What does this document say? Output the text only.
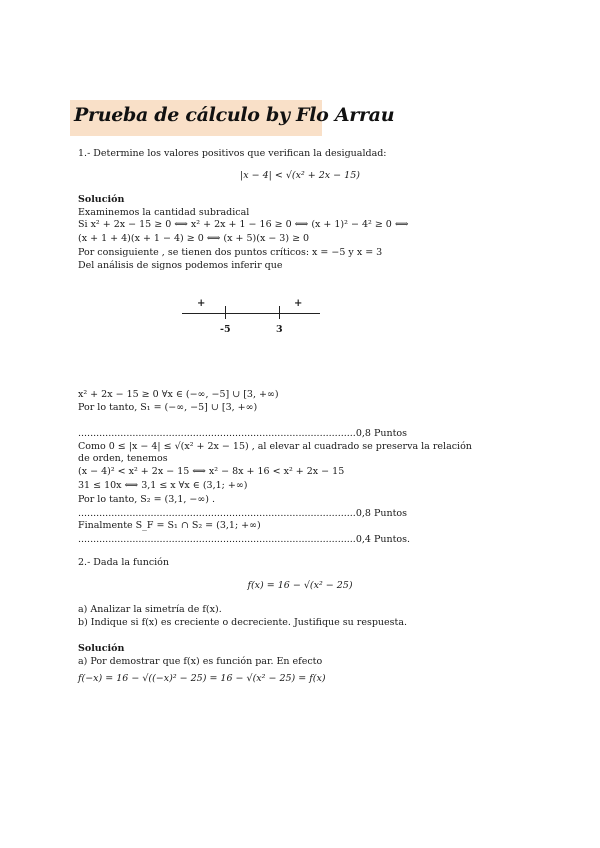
Prueba de cálculo by Flo Arrau
1.- Determine los valores positivos que verifican la desigualdad:
|x − 4| < √(x² + 2x − 15)
Solución
Examinemos la cantidad subradical
Si x² + 2x − 15 ≥ 0 ⟺ x² + 2x + 1 − 16 ≥ 0 ⟺ (x + 1)² − 4² ≥ 0 ⟺
(x + 1 + 4)(x + 1 − 4) ≥ 0 ⟺ (x + 5)(x − 3) ≥ 0
Por consiguiente , se tienen dos puntos críticos: x = −5 y x = 3
Del análisis de signos podemos inferir que
+	+
-5	3
x² + 2x − 15 ≥ 0 ∀x ∈ (−∞, −5] ∪ [3, +∞)
Por lo tanto, S₁ = (−∞, −5] ∪ [3, +∞)
............................................................................................0,8 Puntos
Como 0 ≤ |x − 4| ≤ √(x² + 2x − 15) , al elevar al cuadrado se preserva la relación
de orden, tenemos
(x − 4)² < x² + 2x − 15 ⟺ x² − 8x + 16 < x² + 2x − 15
31 ≤ 10x ⟺ 3,1 ≤ x ∀x ∈ (3,1; +∞)
Por lo tanto, S₂ = (3,1, −∞) .
............................................................................................0,8 Puntos
Finalmente S_F = S₁ ∩ S₂ = (3,1; +∞)
............................................................................................0,4 Puntos.
2.- Dada la función
f(x) = 16 − √(x² − 25)
a) Analizar la simetría de f(x).
b) Indique si f(x) es creciente o decreciente. Justifique su respuesta.
Solución
a) Por demostrar que f(x) es función par. En efecto
f(−x) = 16 − √((−x)² − 25) = 16 − √(x² − 25) = f(x)
